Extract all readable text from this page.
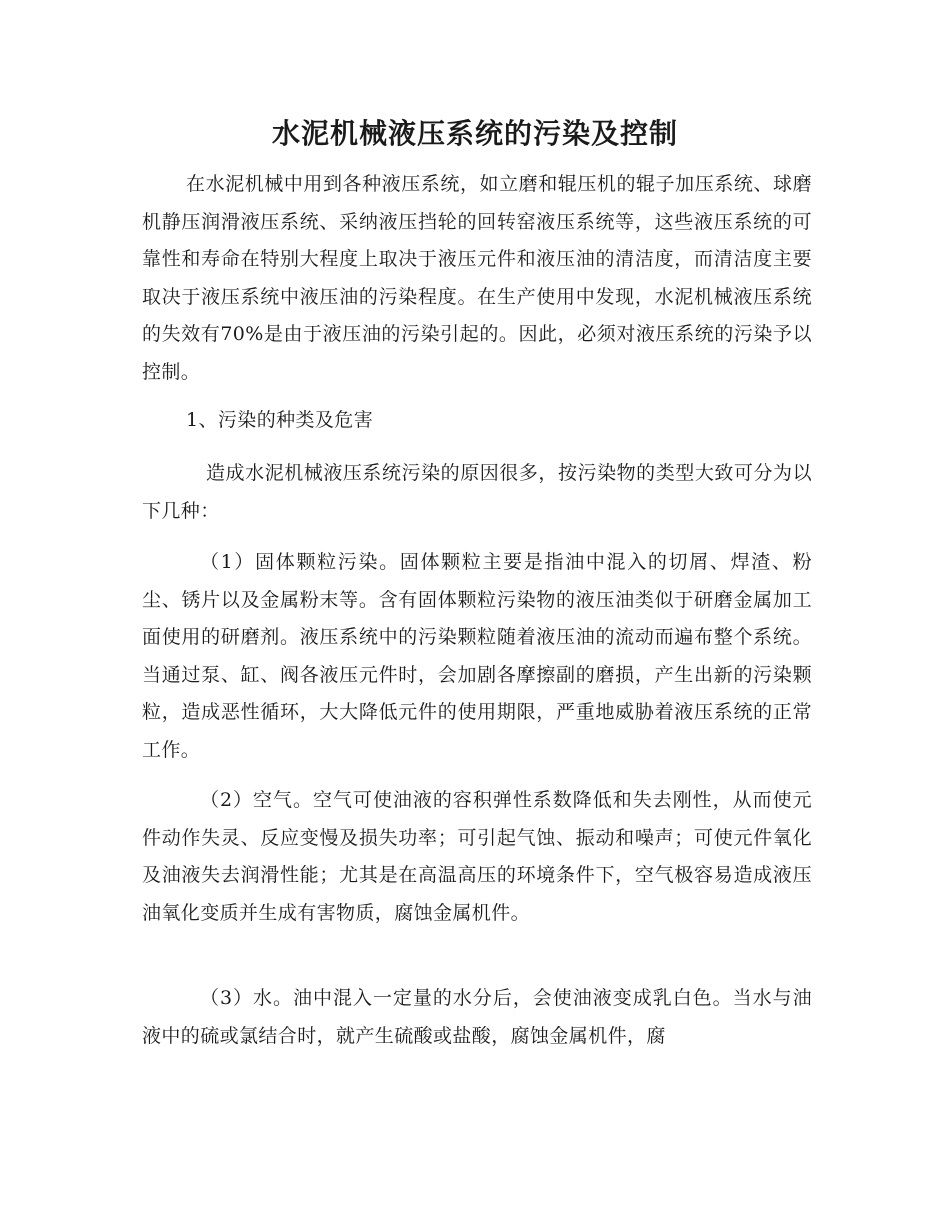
水泥机械液压系统的污染及控制

在水泥机械中用到各种液压系统，如立磨和辊压机的辊子加压系统、球磨机静压润滑液压系统、采纳液压挡轮的回转窑液压系统等，这些液压系统的可靠性和寿命在特别大程度上取决于液压元件和液压油的清洁度，而清洁度主要取决于液压系统中液压油的污染程度。在生产使用中发现，水泥机械液压系统的失效有70%是由于液压油的污染引起的。因此，必须对液压系统的污染予以控制。

1、污染的种类及危害

造成水泥机械液压系统污染的原因很多，按污染物的类型大致可分为以下几种：

（1）固体颗粒污染。固体颗粒主要是指油中混入的切屑、焊渣、粉尘、锈片以及金属粉末等。含有固体颗粒污染物的液压油类似于研磨金属加工面使用的研磨剂。液压系统中的污染颗粒随着液压油的流动而遍布整个系统。当通过泵、缸、阀各液压元件时，会加剧各摩擦副的磨损，产生出新的污染颗粒，造成恶性循环，大大降低元件的使用期限，严重地威胁着液压系统的正常工作。

（2）空气。空气可使油液的容积弹性系数降低和失去刚性，从而使元件动作失灵、反应变慢及损失功率；可引起气蚀、振动和噪声；可使元件氧化及油液失去润滑性能；尤其是在高温高压的环境条件下，空气极容易造成液压油氧化变质并生成有害物质，腐蚀金属机件。

（3）水。油中混入一定量的水分后，会使油液变成乳白色。当水与油液中的硫或氯结合时，就产生硫酸或盐酸，腐蚀金属机件，腐
